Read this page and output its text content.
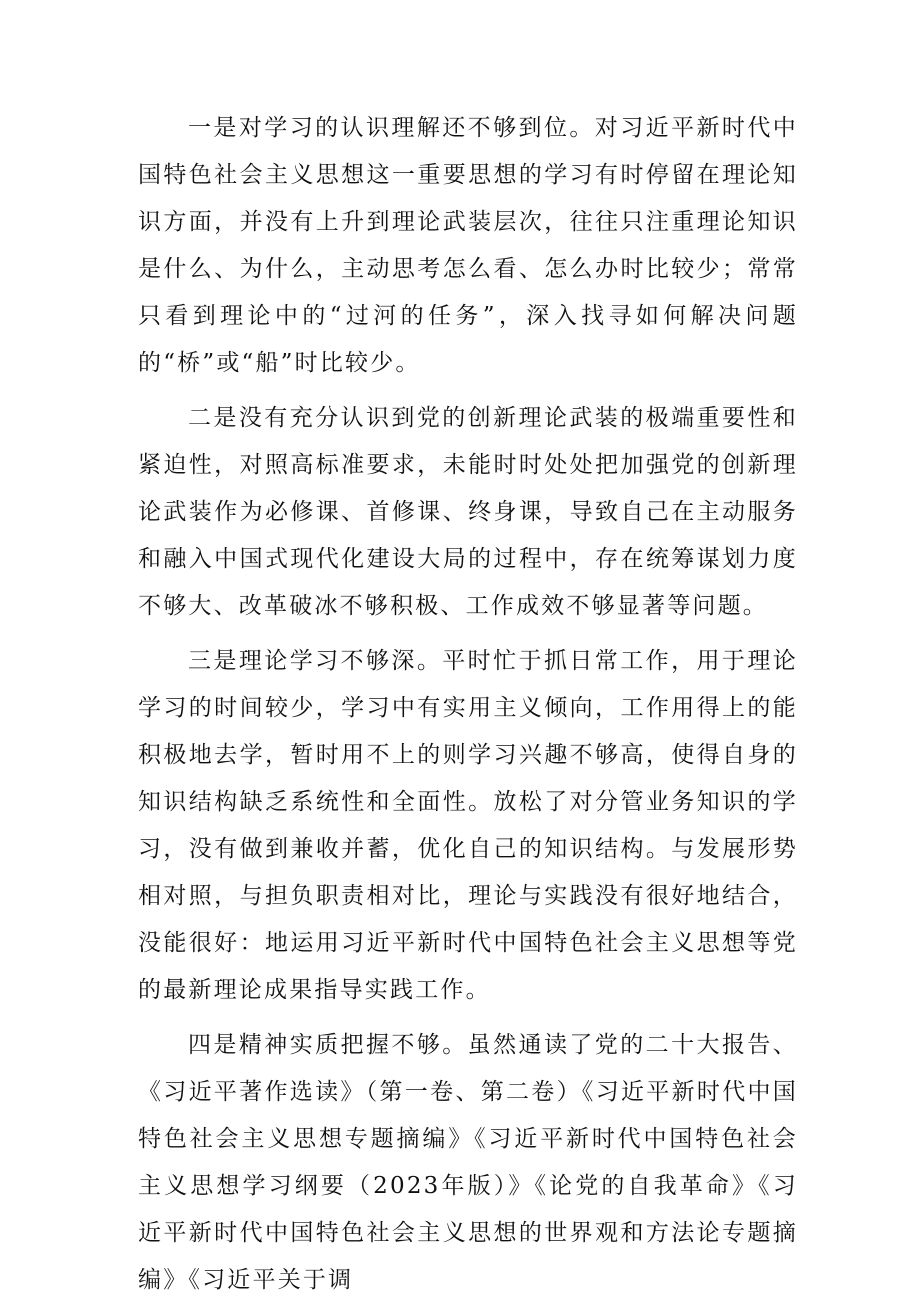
一是对学习的认识理解还不够到位。对习近平新时代中国特色社会主义思想这一重要思想的学习有时停留在理论知识方面，并没有上升到理论武装层次，往往只注重理论知识是什么、为什么，主动思考怎么看、怎么办时比较少；常常只看到理论中的“过河的任务”，深入找寻如何解决问题的“桥”或“船”时比较少。

二是没有充分认识到党的创新理论武装的极端重要性和紧迫性，对照高标准要求，未能时时处处把加强党的创新理论武装作为必修课、首修课、终身课，导致自己在主动服务和融入中国式现代化建设大局的过程中，存在统筹谋划力度不够大、改革破冰不够积极、工作成效不够显著等问题。

三是理论学习不够深。平时忙于抓日常工作，用于理论学习的时间较少，学习中有实用主义倾向，工作用得上的能积极地去学，暂时用不上的则学习兴趣不够高，使得自身的知识结构缺乏系统性和全面性。放松了对分管业务知识的学习，没有做到兼收并蓄，优化自己的知识结构。与发展形势相对照，与担负职责相对比，理论与实践没有很好地结合，没能很好：地运用习近平新时代中国特色社会主义思想等党的最新理论成果指导实践工作。

四是精神实质把握不够。虽然通读了党的二十大报告、《习近平著作选读》（第一卷、第二卷）《习近平新时代中国特色社会主义思想专题摘编》《习近平新时代中国特色社会主义思想学习纲要（2023年版）》《论党的自我革命》《习近平新时代中国特色社会主义思想的世界观和方法论专题摘编》《习近平关于调
